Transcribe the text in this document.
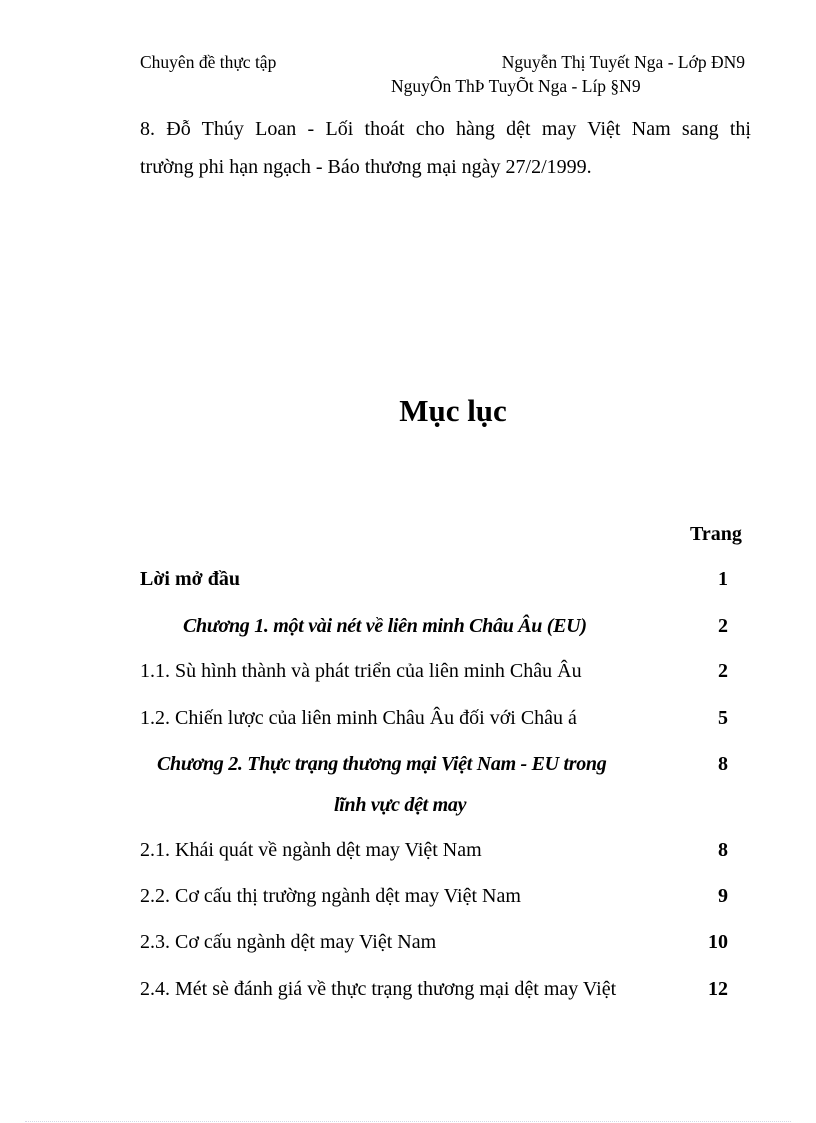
Chuyên đề thực tập	Nguyễn Thị Tuyết Nga - Lớp ĐN9
NguyÔn ThÞ TuyÕt Nga - Líp §N9
8. Đỗ Thúy Loan - Lối thoát cho hàng dệt may Việt Nam sang thị
trường phi hạn ngạch - Báo thương mại ngày 27/2/1999.
Mục lục
Trang
Lời mở đầu	1
Chương 1. một vài nét về liên minh Châu Âu (EU)	2
1.1. Sù hình thành và phát triển của liên minh Châu Âu	2
1.2. Chiến lược của liên minh Châu Âu đối với Châu á	5
Chương 2. Thực trạng thương mại Việt Nam - EU trong	8
lĩnh vực dệt may
2.1. Khái quát về ngành dệt may Việt Nam	8
2.2. Cơ cấu thị trường ngành dệt may Việt Nam	9
2.3. Cơ cấu ngành dệt may Việt Nam	10
2.4. Mét sè đánh giá về thực trạng thương mại dệt may Việt	12
